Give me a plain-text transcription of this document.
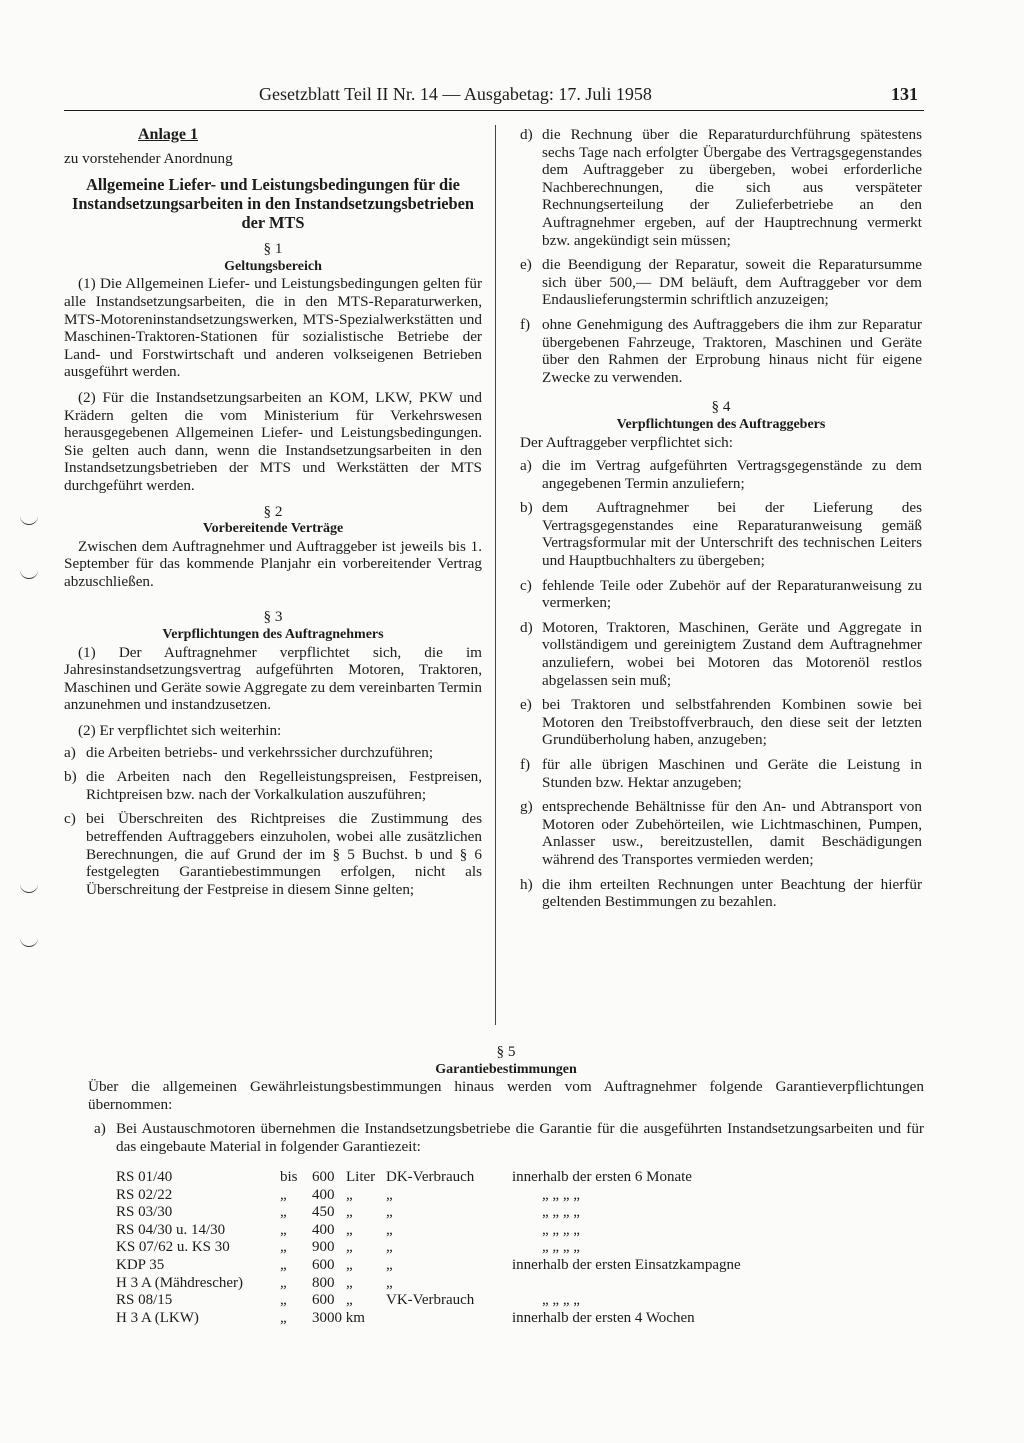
Gesetzblatt Teil II Nr. 14 — Ausgabetag: 17. Juli 1958	131

Anlage 1

zu vorstehender Anordnung

Allgemeine Liefer- und Leistungsbedingungen für die Instandsetzungsarbeiten in den Instandsetzungsbetrieben der MTS

§ 1

Geltungsbereich

(1) Die Allgemeinen Liefer- und Leistungsbedingungen gelten für alle Instandsetzungsarbeiten, die in den MTS-Reparaturwerken, MTS-Motoreninstandsetzungswerken, MTS-Spezialwerkstätten und Maschinen-Traktoren-Stationen für sozialistische Betriebe der Land- und Forstwirtschaft und anderen volkseigenen Betrieben ausgeführt werden.

(2) Für die Instandsetzungsarbeiten an KOM, LKW, PKW und Krädern gelten die vom Ministerium für Verkehrswesen herausgegebenen Allgemeinen Liefer- und Leistungsbedingungen. Sie gelten auch dann, wenn die Instandsetzungsarbeiten in den Instandsetzungsbetrieben der MTS und Werkstätten der MTS durchgeführt werden.

§ 2

Vorbereitende Verträge

Zwischen dem Auftragnehmer und Auftraggeber ist jeweils bis 1. September für das kommende Planjahr ein vorbereitender Vertrag abzuschließen.

§ 3

Verpflichtungen des Auftragnehmers

(1) Der Auftragnehmer verpflichtet sich, die im Jahresinstandsetzungsvertrag aufgeführten Motoren, Traktoren, Maschinen und Geräte sowie Aggregate zu dem vereinbarten Termin anzunehmen und instandzusetzen.

(2) Er verpflichtet sich weiterhin:

a) die Arbeiten betriebs- und verkehrssicher durchzuführen;
b) die Arbeiten nach den Regelleistungspreisen, Festpreisen, Richtpreisen bzw. nach der Vorkalkulation auszuführen;
c) bei Überschreiten des Richtpreises die Zustimmung des betreffenden Auftraggebers einzuholen, wobei alle zusätzlichen Berechnungen, die auf Grund der im § 5 Buchst. b und § 6 festgelegten Garantiebestimmungen erfolgen, nicht als Überschreitung der Festpreise in diesem Sinne gelten;
d) die Rechnung über die Reparaturdurchführung spätestens sechs Tage nach erfolgter Übergabe des Vertragsgegenstandes dem Auftraggeber zu übergeben, wobei erforderliche Nachberechnungen, die sich aus verspäteter Rechnungserteilung der Zulieferbetriebe an den Auftragnehmer ergeben, auf der Hauptrechnung vermerkt bzw. angekündigt sein müssen;
e) die Beendigung der Reparatur, soweit die Reparatursumme sich über 500,— DM beläuft, dem Auftraggeber vor dem Endauslieferungstermin schriftlich anzuzeigen;
f) ohne Genehmigung des Auftraggebers die ihm zur Reparatur übergebenen Fahrzeuge, Traktoren, Maschinen und Geräte über den Rahmen der Erprobung hinaus nicht für eigene Zwecke zu verwenden.

§ 4

Verpflichtungen des Auftraggebers

Der Auftraggeber verpflichtet sich:

a) die im Vertrag aufgeführten Vertragsgegenstände zu dem angegebenen Termin anzuliefern;
b) dem Auftragnehmer bei der Lieferung des Vertragsgegenstandes eine Reparaturanweisung gemäß Vertragsformular mit der Unterschrift des technischen Leiters und Hauptbuchhalters zu übergeben;
c) fehlende Teile oder Zubehör auf der Reparaturanweisung zu vermerken;
d) Motoren, Traktoren, Maschinen, Geräte und Aggregate in vollständigem und gereinigtem Zustand dem Auftragnehmer anzuliefern, wobei bei Motoren das Motorenöl restlos abgelassen sein muß;
e) bei Traktoren und selbstfahrenden Kombinen sowie bei Motoren den Treibstoffverbrauch, den diese seit der letzten Grundüberholung haben, anzugeben;
f) für alle übrigen Maschinen und Geräte die Leistung in Stunden bzw. Hektar anzugeben;
g) entsprechende Behältnisse für den An- und Abtransport von Motoren oder Zubehörteilen, wie Lichtmaschinen, Pumpen, Anlasser usw., bereitzustellen, damit Beschädigungen während des Transportes vermieden werden;
h) die ihm erteilten Rechnungen unter Beachtung der hierfür geltenden Bestimmungen zu bezahlen.

§ 5

Garantiebestimmungen

Über die allgemeinen Gewährleistungsbestimmungen hinaus werden vom Auftragnehmer folgende Garantieverpflichtungen übernommen:

a) Bei Austauschmotoren übernehmen die Instandsetzungsbetriebe die Garantie für die ausgeführten Instandsetzungsarbeiten und für das eingebaute Material in folgender Garantiezeit:
RS 01/40	bis	600	Liter	DK-Verbrauch	innerhalb der ersten 6 Monate
RS 02/22	„	400	„	„	„ „ „ „
RS 03/30	„	450	„	„	„ „ „ „
RS 04/30 u. 14/30	„	400	„	„	„ „ „ „
KS 07/62 u. KS 30	„	900	„	„	„ „ „ „
KDP 35	„	600	„	„	innerhalb der ersten Einsatzkampagne
H 3 A (Mähdrescher)	„	800	„	„	
RS 08/15	„	600	„	VK-Verbrauch	„ „ „ „
H 3 A (LKW)	„	3000 km			innerhalb der ersten 4 Wochen
